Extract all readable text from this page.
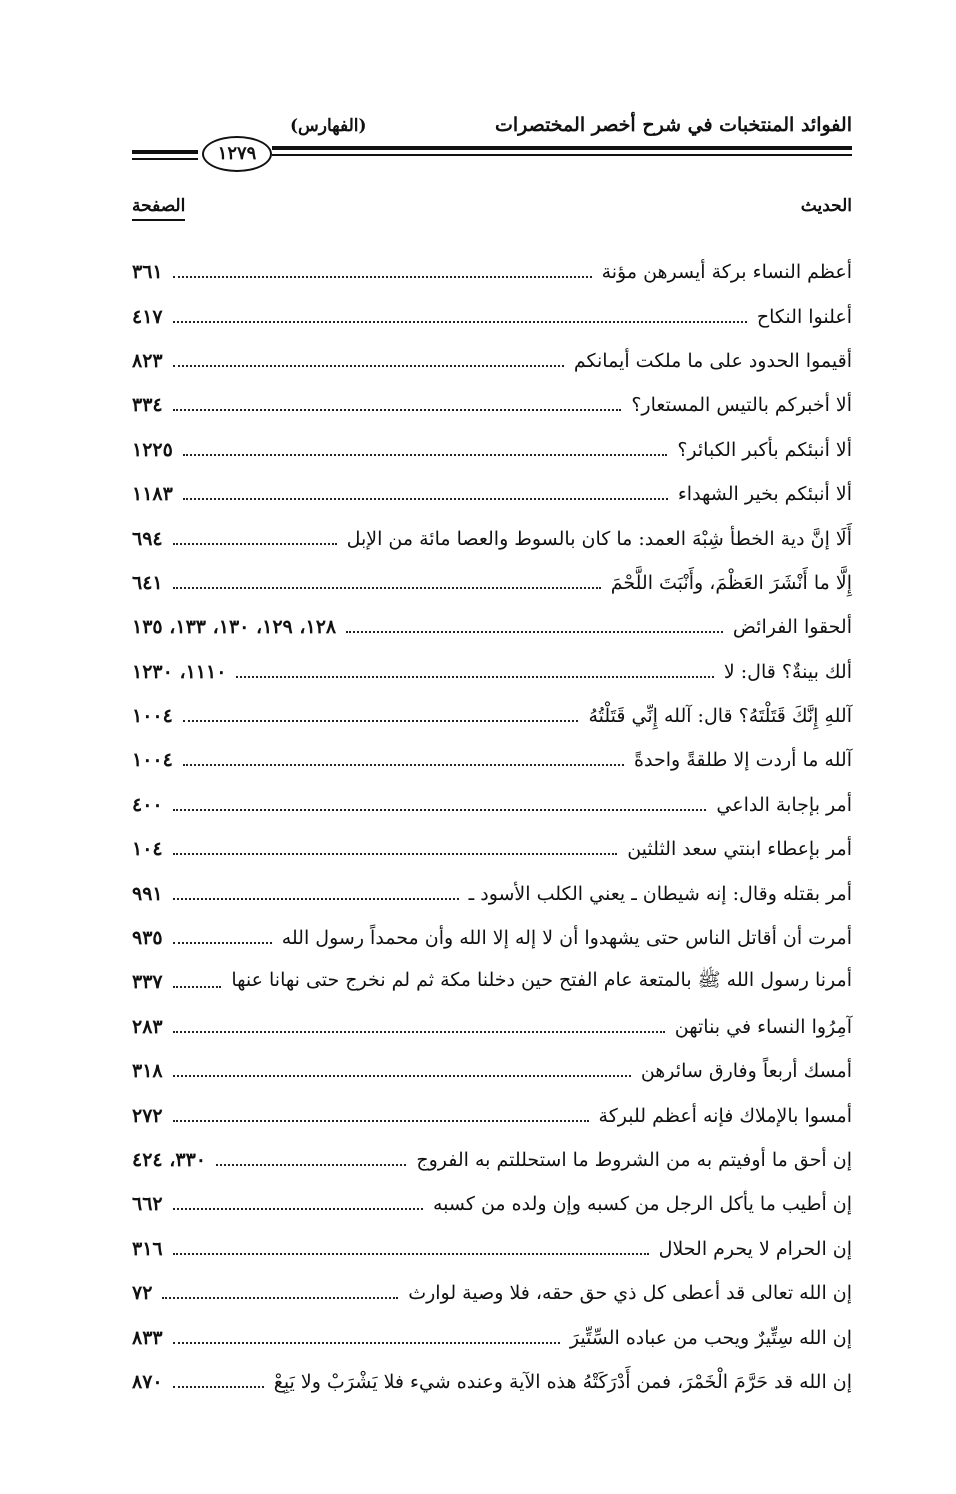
الفوائد المنتخبات في شرح أخصر المختصرات
(الفهارس)
١٢٧٩
الحديث
الصفحة
أعظم النساء بركة أيسرهن مؤنة
٣٦١
أعلنوا النكاح
٤١٧
أقيموا الحدود على ما ملكت أيمانكم
٨٢٣
ألا أخبركم بالتيس المستعار؟
٣٣٤
ألا أنبئكم بأكبر الكبائر؟
١٢٢٥
ألا أنبئكم بخير الشهداء
١١٨٣
أَلَا إنَّ دية الخطأ شِبْهَ العمد: ما كان بالسوط والعصا مائة من الإبل
٦٩٤
إِلَّا ما أَنْشَرَ العَظْمَ، وأَنْبَتَ اللَّحْمَ
٦٤١
ألحقوا الفرائض
١٢٨، ١٢٩، ١٣٠، ١٣٣، ١٣٥
ألك بينةٌ؟ قال: لا
١١١٠، ١٢٣٠
آللهِ إِنَّكَ قَتَلْتَهُ؟ قال: آلله إِنِّي قَتَلْتُهُ
١٠٠٤
آلله ما أردت إلا طلقةً واحدةً
١٠٠٤
أمر بإجابة الداعي
٤٠٠
أمر بإعطاء ابنتي سعد الثلثين
١٠٤
أمر بقتله وقال: إنه شيطان ـ يعني الكلب الأسود ـ
٩٩١
أمرت أن أقاتل الناس حتى يشهدوا أن لا إله إلا الله وأن محمداً رسول الله
٩٣٥
أمرنا رسول الله ﷺ بالمتعة عام الفتح حين دخلنا مكة ثم لم نخرج حتى نهانا عنها
٣٣٧
آمِرُوا النساء في بناتهن
٢٨٣
أمسك أربعاً وفارق سائرهن
٣١٨
أمسوا بالإملاك فإنه أعظم للبركة
٢٧٢
إن أحق ما أوفيتم به من الشروط ما استحللتم به الفروج
٣٣٠، ٤٢٤
إن أطيب ما يأكل الرجل من كسبه وإن ولده من كسبه
٦٦٢
إن الحرام لا يحرم الحلال
٣١٦
إن الله تعالى قد أعطى كل ذي حق حقه، فلا وصية لوارث
٧٢
إن الله سِتِّيرٌ ويحب من عباده السِّتِّيرَ
٨٣٣
إن الله قد حَرَّمَ الْخَمْرَ، فمن أَدْرَكَتْهُ هذه الآية وعنده شيء فلا يَشْرَبْ ولا يَبِعْ
٨٧٠
